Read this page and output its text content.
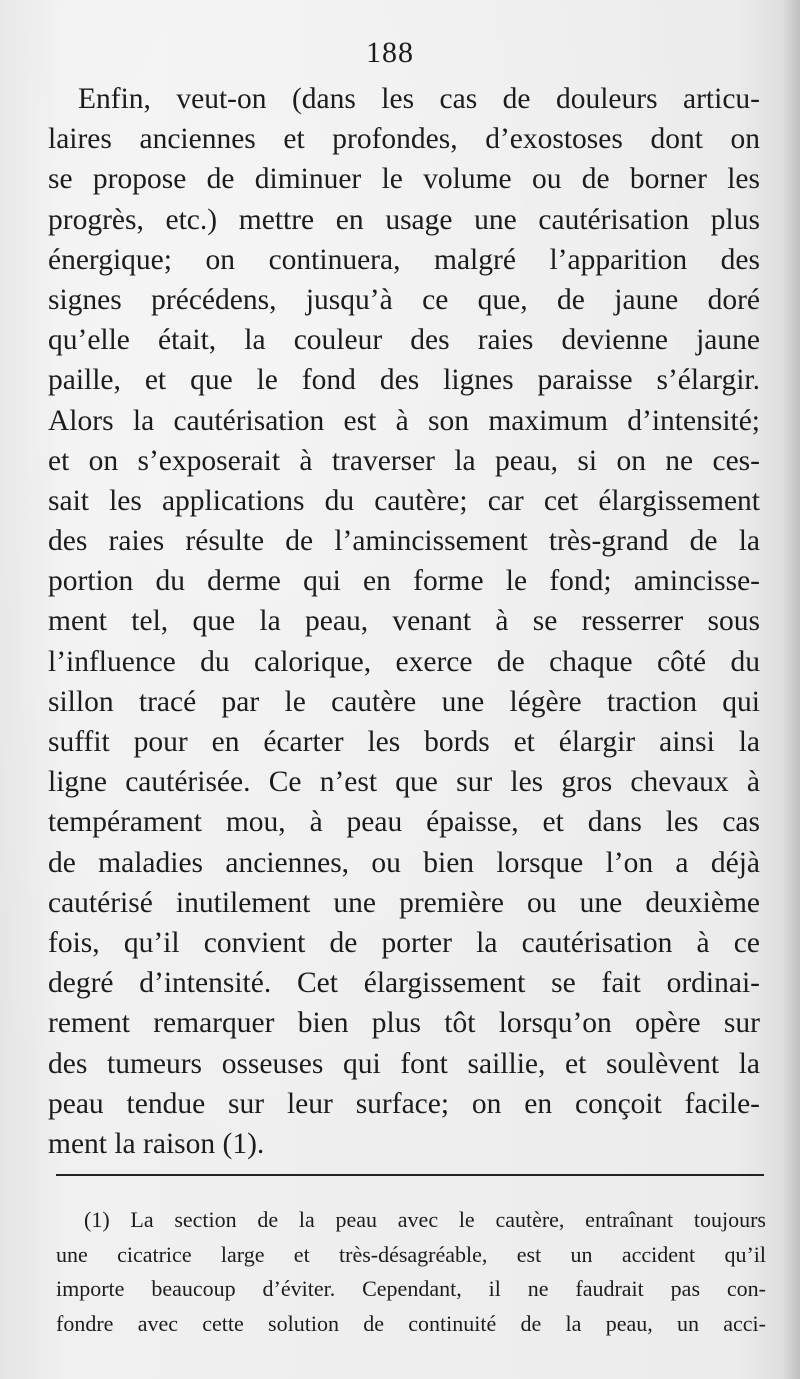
188
Enfin, veut-on (dans les cas de douleurs articu-
laires anciennes et profondes, d’exostoses dont on
se propose de diminuer le volume ou de borner les
progrès, etc.) mettre en usage une cautérisation plus
énergique; on continuera, malgré l’apparition des
signes précédens, jusqu’à ce que, de jaune doré
qu’elle était, la couleur des raies devienne jaune
paille, et que le fond des lignes paraisse s’élargir.
Alors la cautérisation est à son maximum d’intensité;
et on s’exposerait à traverser la peau, si on ne ces-
sait les applications du cautère; car cet élargissement
des raies résulte de l’amincissement très-grand de la
portion du derme qui en forme le fond; amincisse-
ment tel, que la peau, venant à se resserrer sous
l’influence du calorique, exerce de chaque côté du
sillon tracé par le cautère une légère traction qui
suffit pour en écarter les bords et élargir ainsi la
ligne cautérisée. Ce n’est que sur les gros chevaux à
tempérament mou, à peau épaisse, et dans les cas
de maladies anciennes, ou bien lorsque l’on a déjà
cautérisé inutilement une première ou une deuxième
fois, qu’il convient de porter la cautérisation à ce
degré d’intensité. Cet élargissement se fait ordinai-
rement remarquer bien plus tôt lorsqu’on opère sur
des tumeurs osseuses qui font saillie, et soulèvent la
peau tendue sur leur surface; on en conçoit facile-
ment la raison (1).
(1) La section de la peau avec le cautère, entraînant toujours
une cicatrice large et très-désagréable, est un accident qu’il
importe beaucoup d’éviter. Cependant, il ne faudrait pas con-
fondre avec cette solution de continuité de la peau, un acci-
